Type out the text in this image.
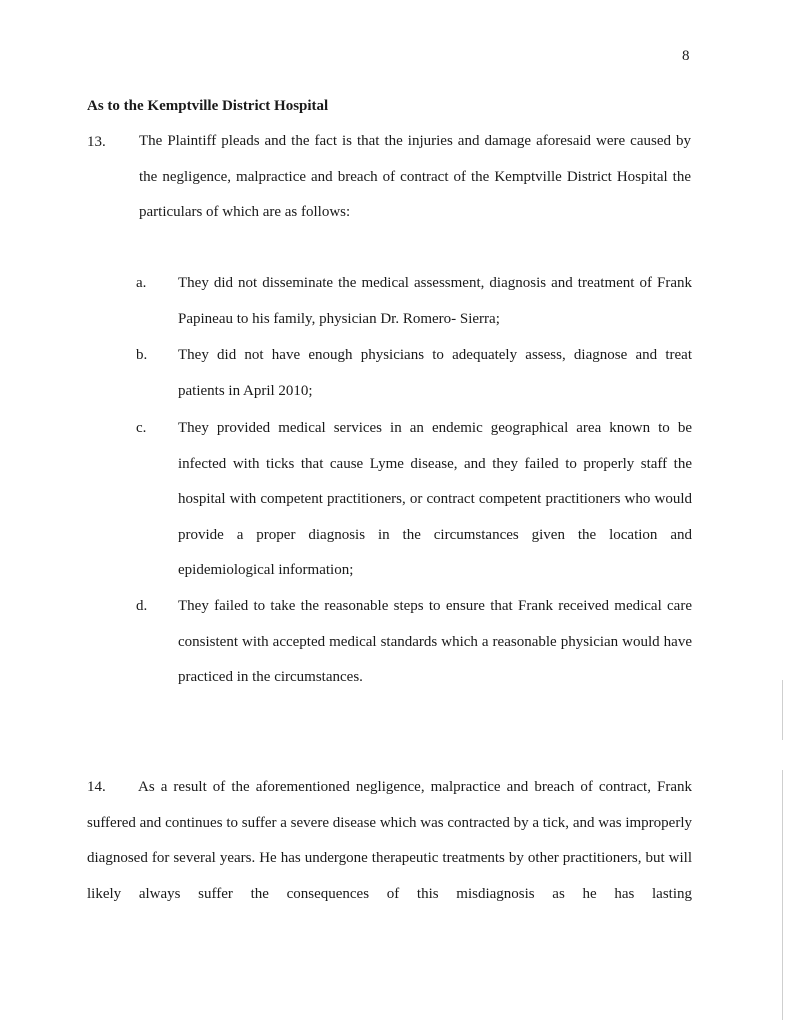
8
As to the Kemptville District Hospital
13. The Plaintiff pleads and the fact is that the injuries and damage aforesaid were caused by the negligence, malpractice and breach of contract of the Kemptville District Hospital the particulars of which are as follows:
a. They did not disseminate the medical assessment, diagnosis and treatment of Frank Papineau to his family, physician Dr. Romero- Sierra;
b. They did not have enough physicians to adequately assess, diagnose and treat patients in April 2010;
c. They provided medical services in an endemic geographical area known to be infected with ticks that cause Lyme disease, and they failed to properly staff the hospital with competent practitioners, or contract competent practitioners who would provide a proper diagnosis in the circumstances given the location and epidemiological information;
d. They failed to take the reasonable steps to ensure that Frank received medical care consistent with accepted medical standards which a reasonable physician would have practiced in the circumstances.
14. As a result of the aforementioned negligence, malpractice and breach of contract, Frank suffered and continues to suffer a severe disease which was contracted by a tick, and was improperly diagnosed for several years. He has undergone therapeutic treatments by other practitioners, but will likely always suffer the consequences of this misdiagnosis as he has lasting
